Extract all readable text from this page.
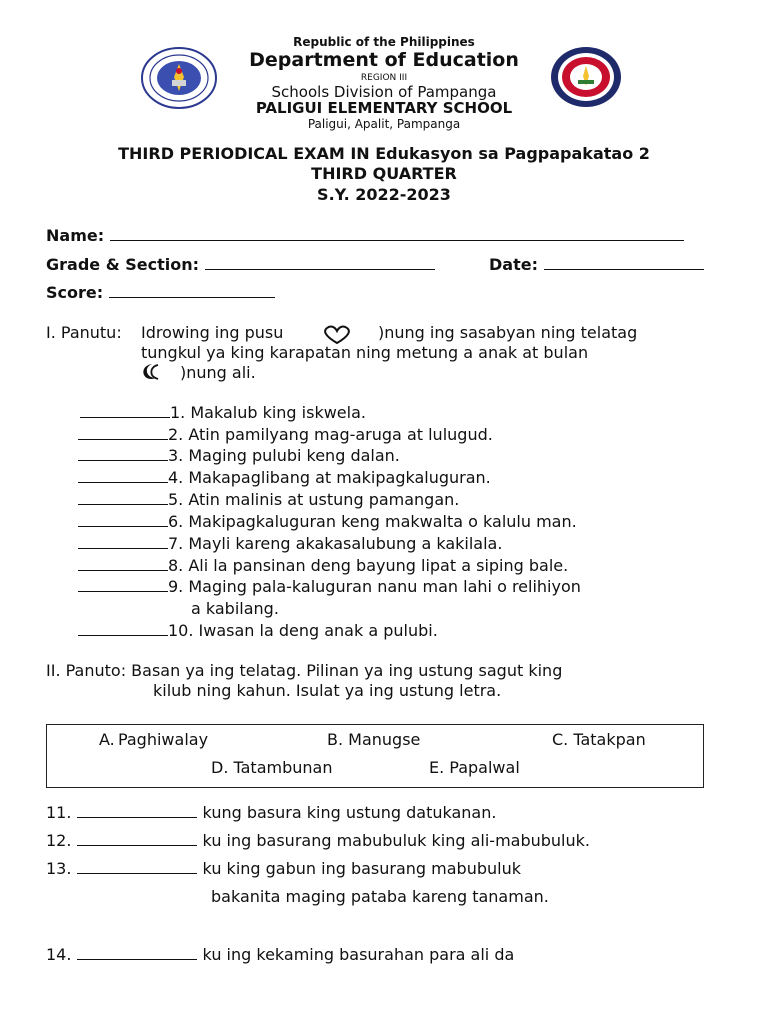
Republic of the Philippines
Department of Education
REGION III
Schools Division of Pampanga
PALIGUI ELEMENTARY SCHOOL
Paligui, Apalit, Pampanga
THIRD PERIODICAL EXAM IN Edukasyon sa Pagpapakatao 2
THIRD QUARTER
S.Y. 2022-2023
Name:
Grade & Section:	Date:
Score:
I. Panutu: Idrowing ing pusu	)nung ing sasabyan ning telatag
tungkul ya king karapatan ning metung a anak at bulan
)nung ali.
1. Makalub king iskwela.
2. Atin pamilyang mag-aruga at lulugud.
3. Maging pulubi keng dalan.
4. Makapaglibang at makipagkaluguran.
5. Atin malinis at ustung pamangan.
6. Makipagkaluguran keng makwalta o kalulu man.
7. Mayli kareng akakasalubung a kakilala.
8. Ali la pansinan deng bayung lipat a siping bale.
9. Maging pala-kaluguran nanu man lahi o relihiyon
a kabilang.
10. Iwasan la deng anak a pulubi.
II. Panuto: Basan ya ing telatag. Pilinan ya ing ustung sagut king
kilub ning kahun. Isulat ya ing ustung letra.
A. Paghiwalay	B. Manugse	C. Tatakpan
D. Tatambunan	E. Papalwal
11.	kung basura king ustung datukanan.
12.	ku ing basurang mabubuluk king ali-mabubuluk.
13.	ku king gabun ing basurang mabubuluk
bakanita maging pataba kareng tanaman.
14.	ku ing kekaming basurahan para ali da
